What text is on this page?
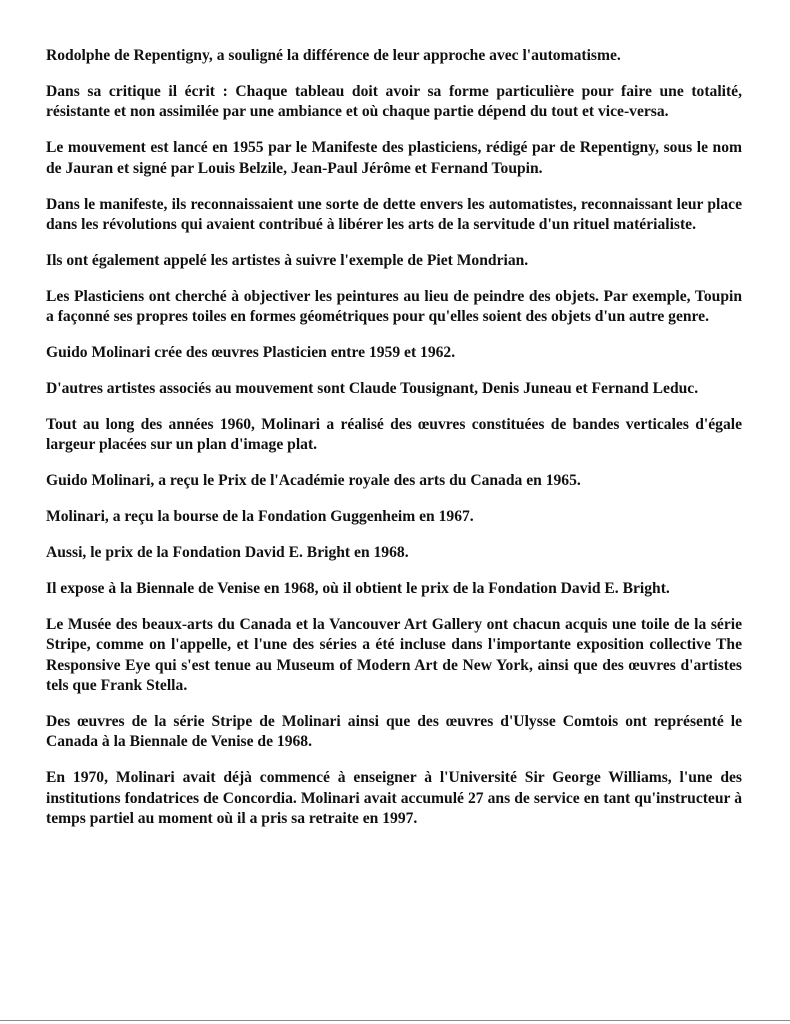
Rodolphe de Repentigny, a souligné la différence de leur approche avec l'automatisme.

Dans sa critique il écrit : Chaque tableau doit avoir sa forme particulière pour faire une totalité, résistante et non assimilée par une ambiance et où chaque partie dépend du tout et vice-versa.

Le mouvement est lancé en 1955 par le Manifeste des plasticiens, rédigé par de Repentigny, sous le nom de Jauran et signé par Louis Belzile, Jean-Paul Jérôme et Fernand Toupin.

Dans le manifeste, ils reconnaissaient une sorte de dette envers les automatistes, reconnaissant leur place dans les révolutions qui avaient contribué à libérer les arts de la servitude d'un rituel matérialiste.

Ils ont également appelé les artistes à suivre l'exemple de Piet Mondrian.

Les Plasticiens ont cherché à objectiver les peintures au lieu de peindre des objets. Par exemple, Toupin a façonné ses propres toiles en formes géométriques pour qu'elles soient des objets d'un autre genre.

Guido Molinari crée des œuvres Plasticien entre 1959 et 1962.

D'autres artistes associés au mouvement sont Claude Tousignant, Denis Juneau et Fernand Leduc.

Tout au long des années 1960, Molinari a réalisé des œuvres constituées de bandes verticales d'égale largeur placées sur un plan d'image plat.

Guido Molinari, a reçu le Prix de l'Académie royale des arts du Canada en 1965.

Molinari, a reçu la bourse de la Fondation Guggenheim en 1967.

Aussi, le prix de la Fondation David E. Bright en 1968.

Il expose à la Biennale de Venise en 1968, où il obtient le prix de la Fondation David E. Bright.

Le Musée des beaux-arts du Canada et la Vancouver Art Gallery ont chacun acquis une toile de la série Stripe, comme on l'appelle, et l'une des séries a été incluse dans l'importante exposition collective The Responsive Eye qui s'est tenue au Museum of Modern Art de New York, ainsi que des œuvres d'artistes tels que Frank Stella.

Des œuvres de la série Stripe de Molinari ainsi que des œuvres d'Ulysse Comtois ont représenté le Canada à la Biennale de Venise de 1968.

En 1970, Molinari avait déjà commencé à enseigner à l'Université Sir George Williams, l'une des institutions fondatrices de Concordia. Molinari avait accumulé 27 ans de service en tant qu'instructeur à temps partiel au moment où il a pris sa retraite en 1997.
